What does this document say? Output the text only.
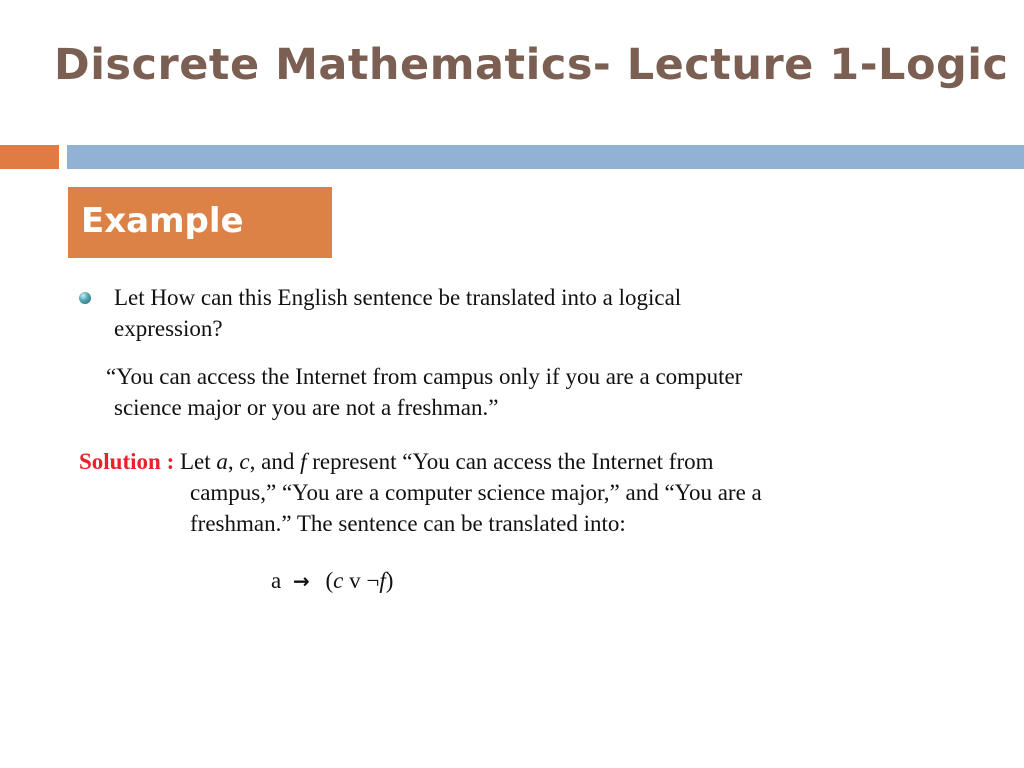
Discrete Mathematics- Lecture 1-Logic
Example
Let How can this English sentence be translated into a logical
expression?
“You can access the Internet from campus only if you are a computer
science major or you are not a freshman.”
Solution : Let a, c, and f represent “You can access the Internet from
campus,” “You are a computer science major,” and “You are a
freshman.” The sentence can be translated into:
a → (c v ¬f)
